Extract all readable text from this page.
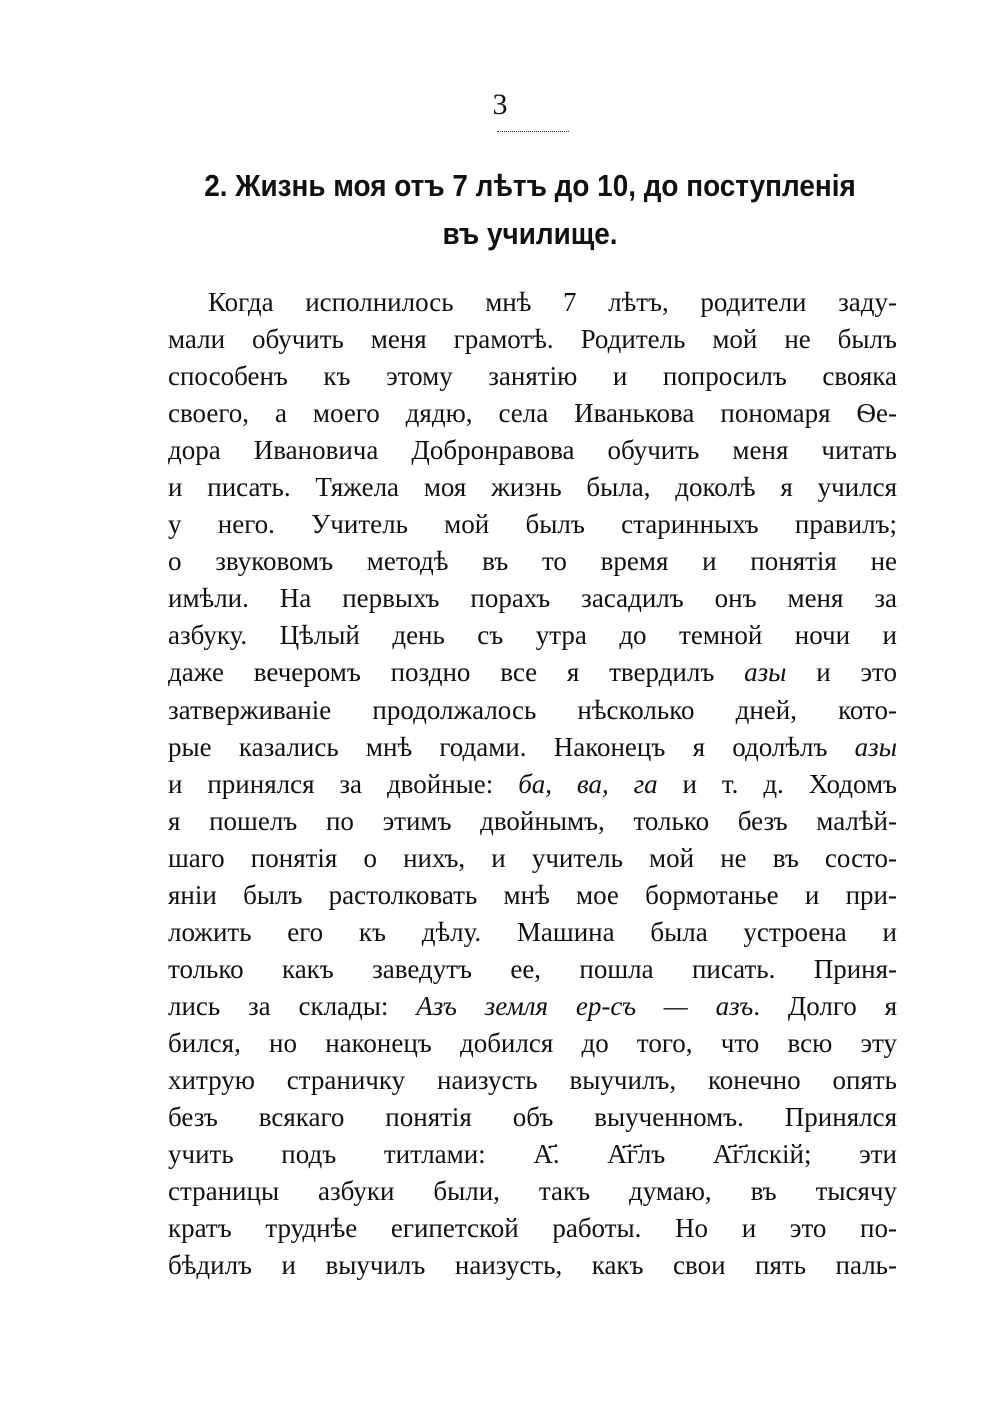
3
2. Жизнь моя отъ 7 лѣтъ до 10, до поступленія въ училище.
Когда исполнилось мнѣ 7 лѣтъ, родители заду-
мали обучить меня грамотѣ. Родитель мой не былъ
способенъ къ этому занятію и попросилъ свояка
своего, а моего дядю, села Иванькова пономаря Ѳе-
дора Ивановича Добронравова обучить меня читать
и писать. Тяжела моя жизнь была, доколѣ я учился
у него. Учитель мой былъ старинныхъ правилъ;
о звуковомъ методѣ въ то время и понятія не
имѣли. На первыхъ порахъ засадилъ онъ меня за
азбуку. Цѣлый день съ утра до темной ночи и
даже вечеромъ поздно все я твердилъ азы и это
затверживаніе продолжалось нѣсколько дней, кото-
рые казались мнѣ годами. Наконецъ я одолѣлъ азы
и принялся за двойные: ба, ва, га и т. д. Ходомъ
я пошелъ по этимъ двойнымъ, только безъ малѣй-
шаго понятія о нихъ, и учитель мой не въ состо-
яніи былъ растолковать мнѣ мое бормотанье и при-
ложить его къ дѣлу. Машина была устроена и
только какъ заведутъ ее, пошла писать. Приня-
лись за склады: Азъ земля ер-съ — азъ. Долго я
бился, но наконецъ добился до того, что всю эту
хитрую страничку наизусть выучилъ, конечно опять
безъ всякаго понятія объ выученномъ. Принялся
учить подъ титлами: А҃. А҃г҃лъ А҃г҃лскій; эти
страницы азбуки были, такъ думаю, въ тысячу
кратъ труднѣе египетской работы. Но и это по-
бѣдилъ и выучилъ наизусть, какъ свои пять паль-
